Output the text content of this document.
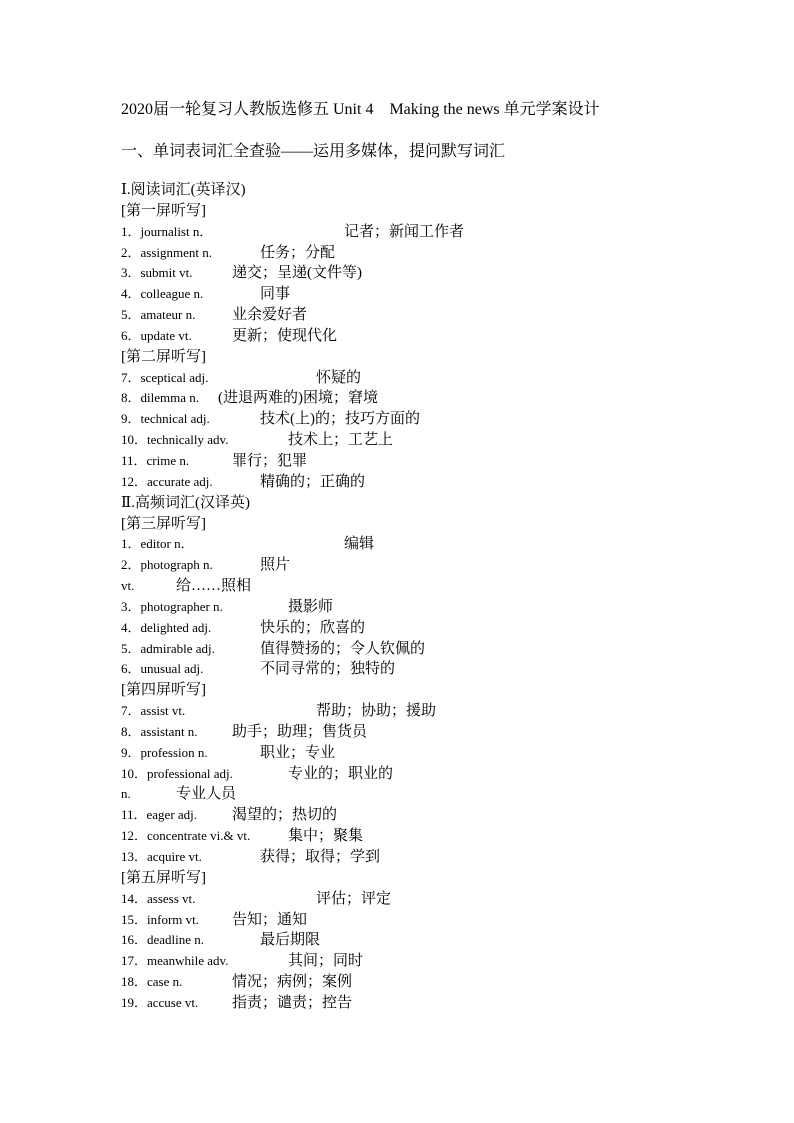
2020届一轮复习人教版选修五 Unit 4　Making the news 单元学案设计
一、单词表词汇全查验——运用多媒体，提问默写词汇
Ⅰ.阅读词汇(英译汉)
[第一屏听写]
1．journalist n．	记者；新闻工作者
2．assignment n.	任务；分配
3．submit vt.	递交；呈递(文件等)
4．colleague n.	同事
5．amateur n. 业余爱好者
6．update vt.	更新；使现代化
[第二屏听写]
7．sceptical adj.	怀疑的
8．dilemma n. (进退两难的)困境；窘境
9．technical adj.	技术(上)的；技巧方面的
10．technically adv.	技术上；工艺上
11．crime n.	罪行；犯罪
12．accurate adj.	精确的；正确的
Ⅱ.高频词汇(汉译英)
[第三屏听写]
1．editor n．	编辑
2．photograph n.	照片
vt.	给……照相
3．photographer n.	摄影师
4．delighted adj.	快乐的；欣喜的
5．admirable adj.	值得赞扬的；令人钦佩的
6．unusual adj.	不同寻常的；独特的
[第四屏听写]
7．assist vt.	帮助；协助；援助
8．assistant n. 助手；助理；售货员
9．profession n.	职业；专业
10．professional adj.	专业的；职业的
n.	专业人员
11．eager adj. 渴望的；热切的
12．concentrate vi.& vt.	集中；聚集
13．acquire vt.	获得；取得；学到
[第五屏听写]
14．assess vt.	评估；评定
15．inform vt. 告知；通知
16．deadline n.	最后期限
17．meanwhile adv.	其间；同时
18．case n.	情况；病例；案例
19．accuse vt. 指责；谴责；控告
